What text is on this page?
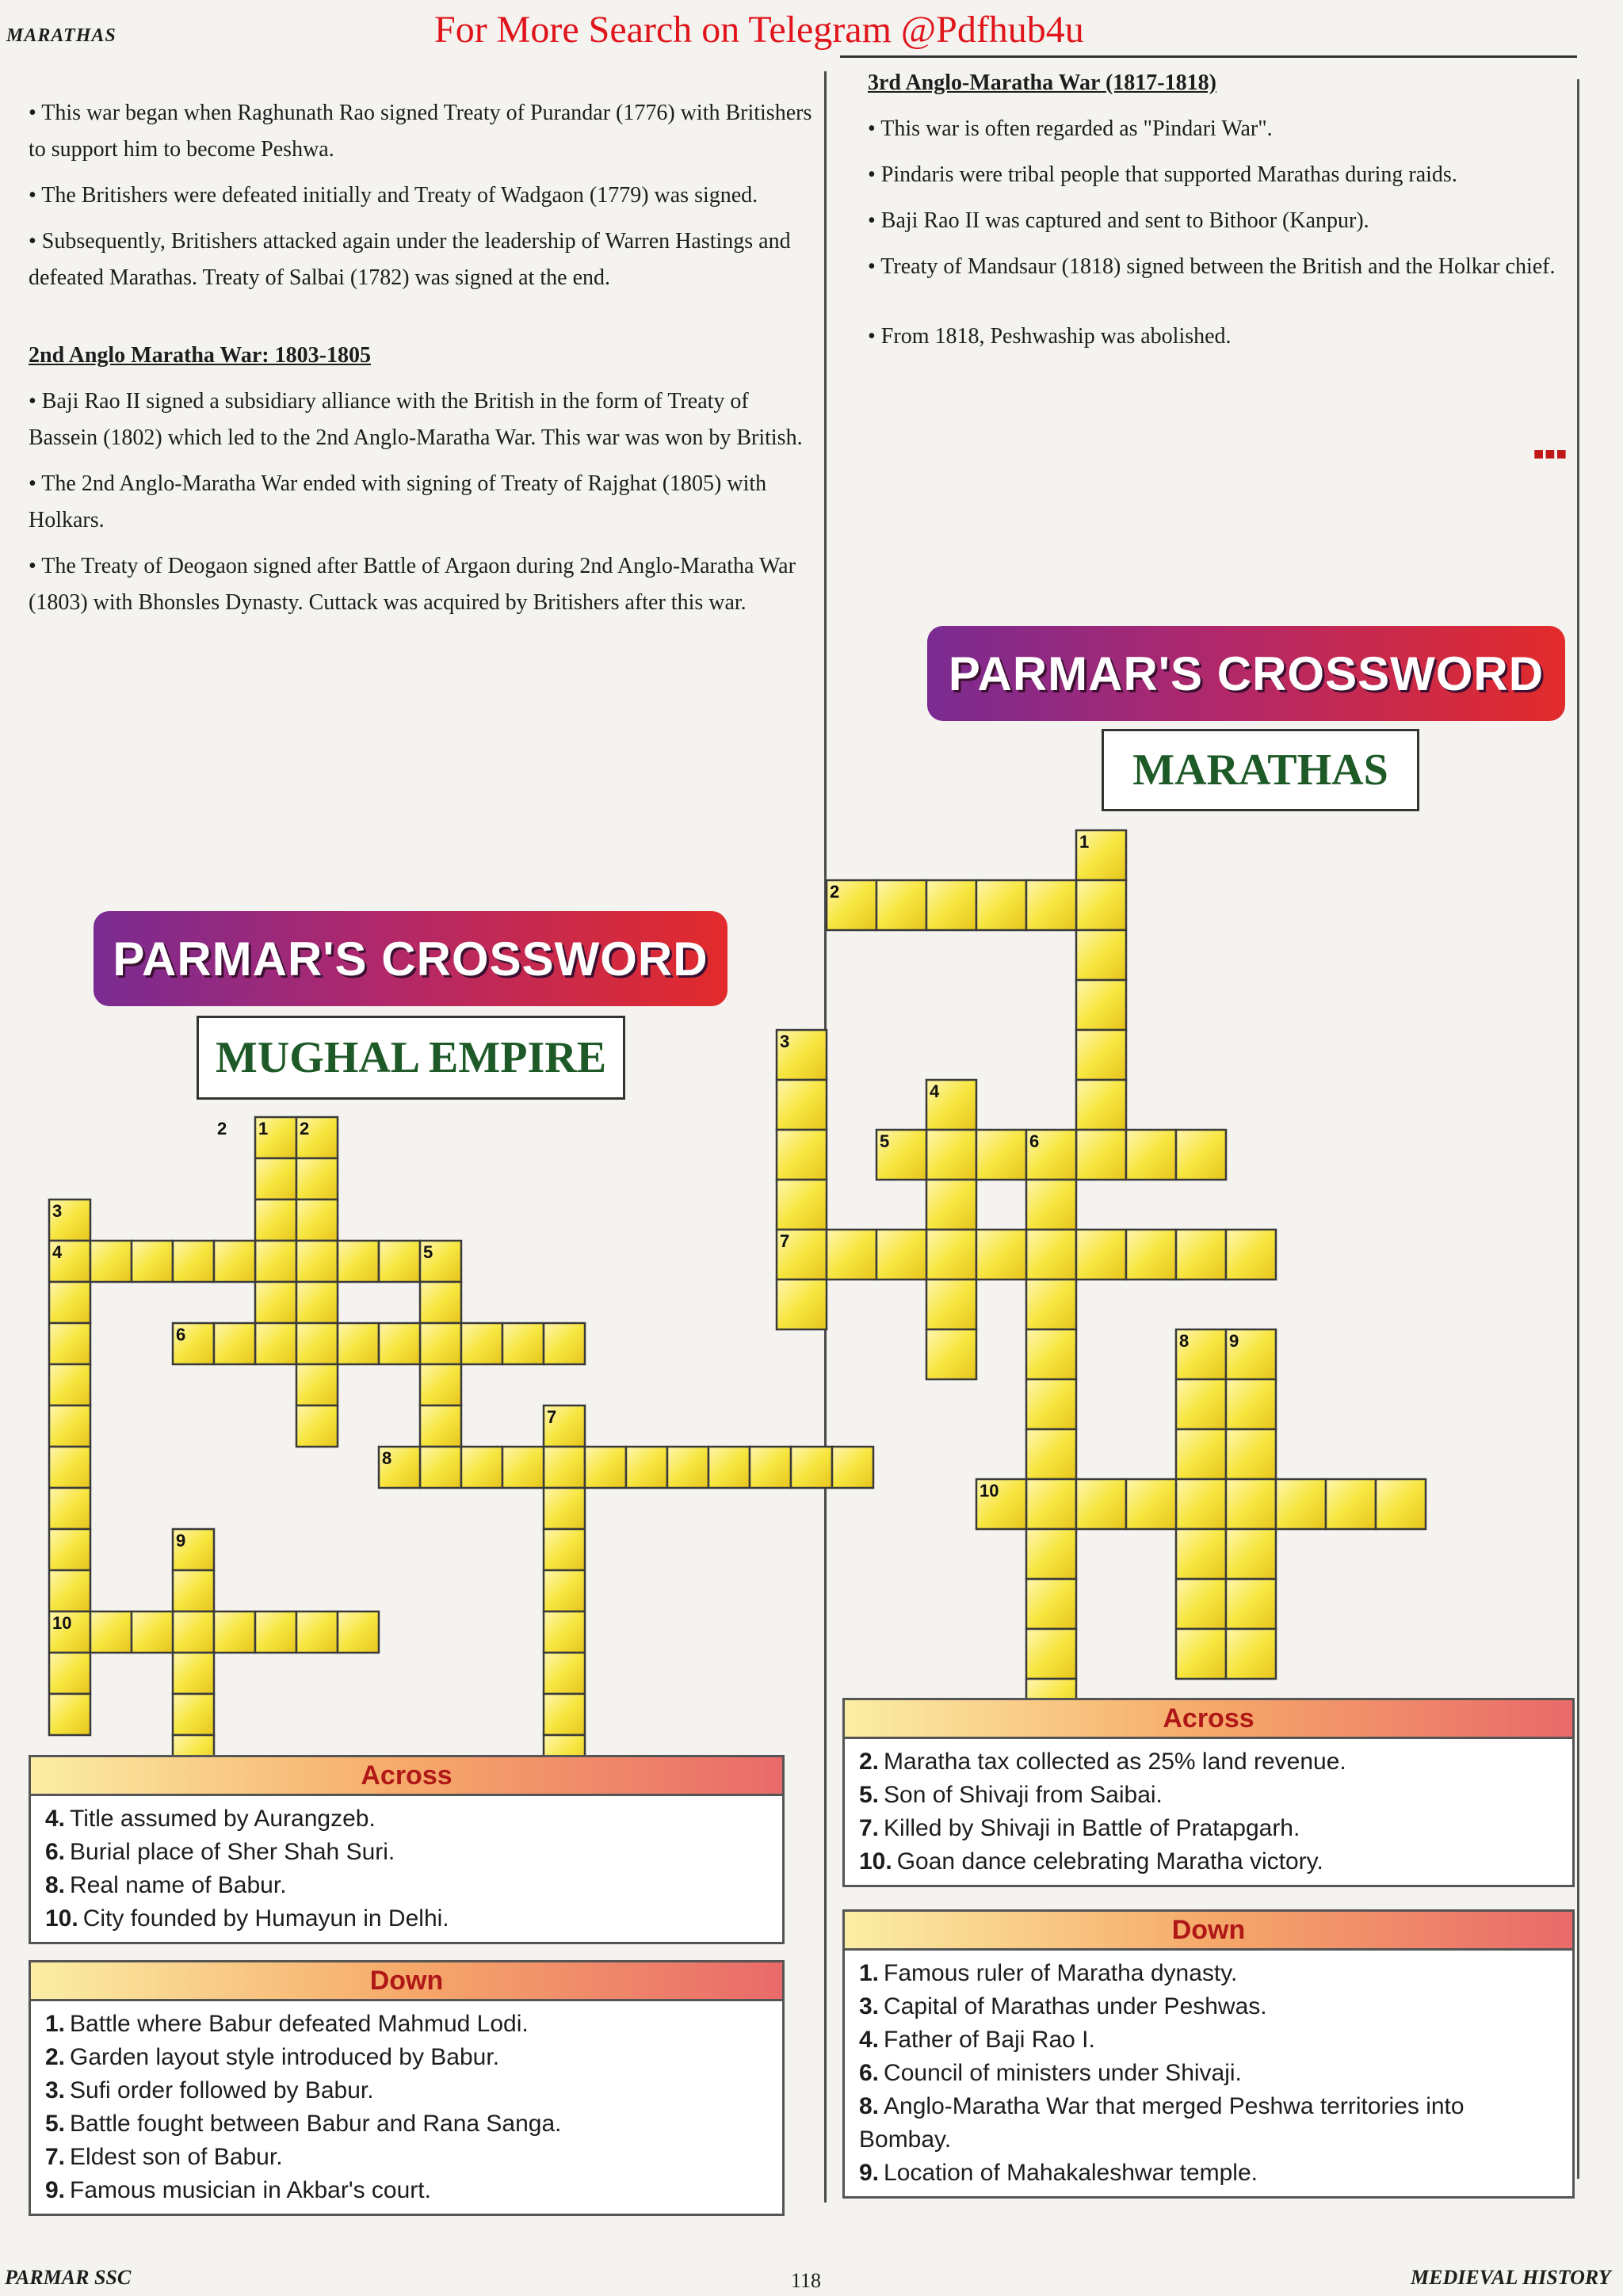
MARATHAS	For More Search on Telegram @Pdfhub4u

• This war began when Raghunath Rao signed Treaty of Purandar (1776) with Britishers to support him to become Peshwa.

• The Britishers were defeated initially and Treaty of Wadgaon (1779) was signed.

• Subsequently, Britishers attacked again under the leadership of Warren Hastings and defeated Marathas. Treaty of Salbai (1782) was signed at the end.

2nd Anglo Maratha War: 1803-1805

• Baji Rao II signed a subsidiary alliance with the British in the form of Treaty of Bassein (1802) which led to the 2nd Anglo-Maratha War. This war was won by British.

• The 2nd Anglo-Maratha War ended with signing of Treaty of Rajghat (1805) with Holkars.

• The Treaty of Deogaon signed after Battle of Argaon during 2nd Anglo-Maratha War (1803) with Bhonsles Dynasty. Cuttack was acquired by Britishers after this war.

3rd Anglo-Maratha War (1817-1818)

• This war is often regarded as "Pindari War".

• Pindaris were tribal people that supported Marathas during raids.

• Baji Rao II was captured and sent to Bithoor (Kanpur).

• Treaty of Mandsaur (1818) signed between the British and the Holkar chief.

• From 1818, Peshwaship was abolished.

■■■
PARMAR'S CROSSWORD
MUGHAL EMPIRE
PARMAR'S CROSSWORD
MARATHAS
1
2	2
3
4	5
6
7
8
9
10
1
2
3
4
5	6
7
8 9
10
Across
4. Title assumed by Aurangzeb.
6. Burial place of Sher Shah Suri.
8. Real name of Babur.
10. City founded by Humayun in Delhi.
Down
1. Battle where Babur defeated Mahmud Lodi.
2. Garden layout style introduced by Babur.
3. Sufi order followed by Babur.
5. Battle fought between Babur and Rana Sanga.
7. Eldest son of Babur.
9. Famous musician in Akbar's court.
Across
2. Maratha tax collected as 25% land revenue.
5. Son of Shivaji from Saibai.
7. Killed by Shivaji in Battle of Pratapgarh.
10. Goan dance celebrating Maratha victory.
Down
1. Famous ruler of Maratha dynasty.
3. Capital of Marathas under Peshwas.
4. Father of Baji Rao I.
6. Council of ministers under Shivaji.
8. Anglo-Maratha War that merged Peshwa territories into Bombay.
9. Location of Mahakaleshwar temple.
PARMAR SSC	118	MEDIEVAL HISTORY
